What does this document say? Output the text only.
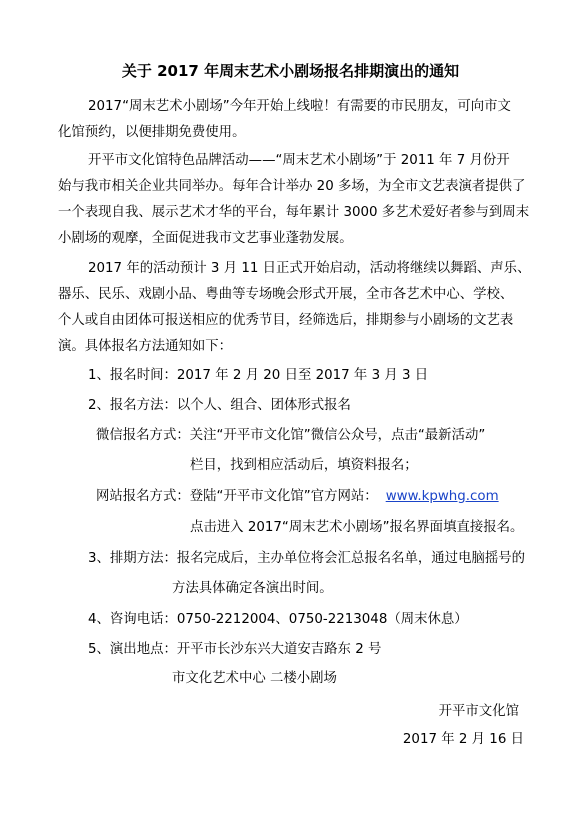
关于 2017 年周末艺术小剧场报名排期演出的通知
2017“周末艺术小剧场”今年开始上线啦！有需要的市民朋友，可向市文
化馆预约，以便排期免费使用。
开平市文化馆特色品牌活动——“周末艺术小剧场”于 2011 年 7 月份开
始与我市相关企业共同举办。每年合计举办 20 多场，为全市文艺表演者提供了
一个表现自我、展示艺术才华的平台，每年累计 3000 多艺术爱好者参与到周末
小剧场的观摩，全面促进我市文艺事业蓬勃发展。
2017 年的活动预计 3 月 11 日正式开始启动，活动将继续以舞蹈、声乐、
器乐、民乐、戏剧小品、粤曲等专场晚会形式开展，全市各艺术中心、学校、
个人或自由团体可报送相应的优秀节目，经筛选后，排期参与小剧场的文艺表
演。具体报名方法通知如下：
1、报名时间：2017 年 2 月 20 日至 2017 年 3 月 3 日
2、报名方法：以个人、组合、团体形式报名
微信报名方式：关注“开平市文化馆”微信公众号，点击“最新活动”
栏目，找到相应活动后，填资料报名；
网站报名方式：登陆“开平市文化馆”官方网站： www.kpwhg.com
点击进入 2017“周末艺术小剧场”报名界面填直接报名。
3、排期方法：报名完成后，主办单位将会汇总报名名单，通过电脑摇号的
方法具体确定各演出时间。
4、咨询电话：0750-2212004、0750-2213048（周末休息）
5、演出地点：开平市长沙东兴大道安吉路东 2 号
市文化艺术中心 二楼小剧场
开平市文化馆
2017 年 2 月 16 日
